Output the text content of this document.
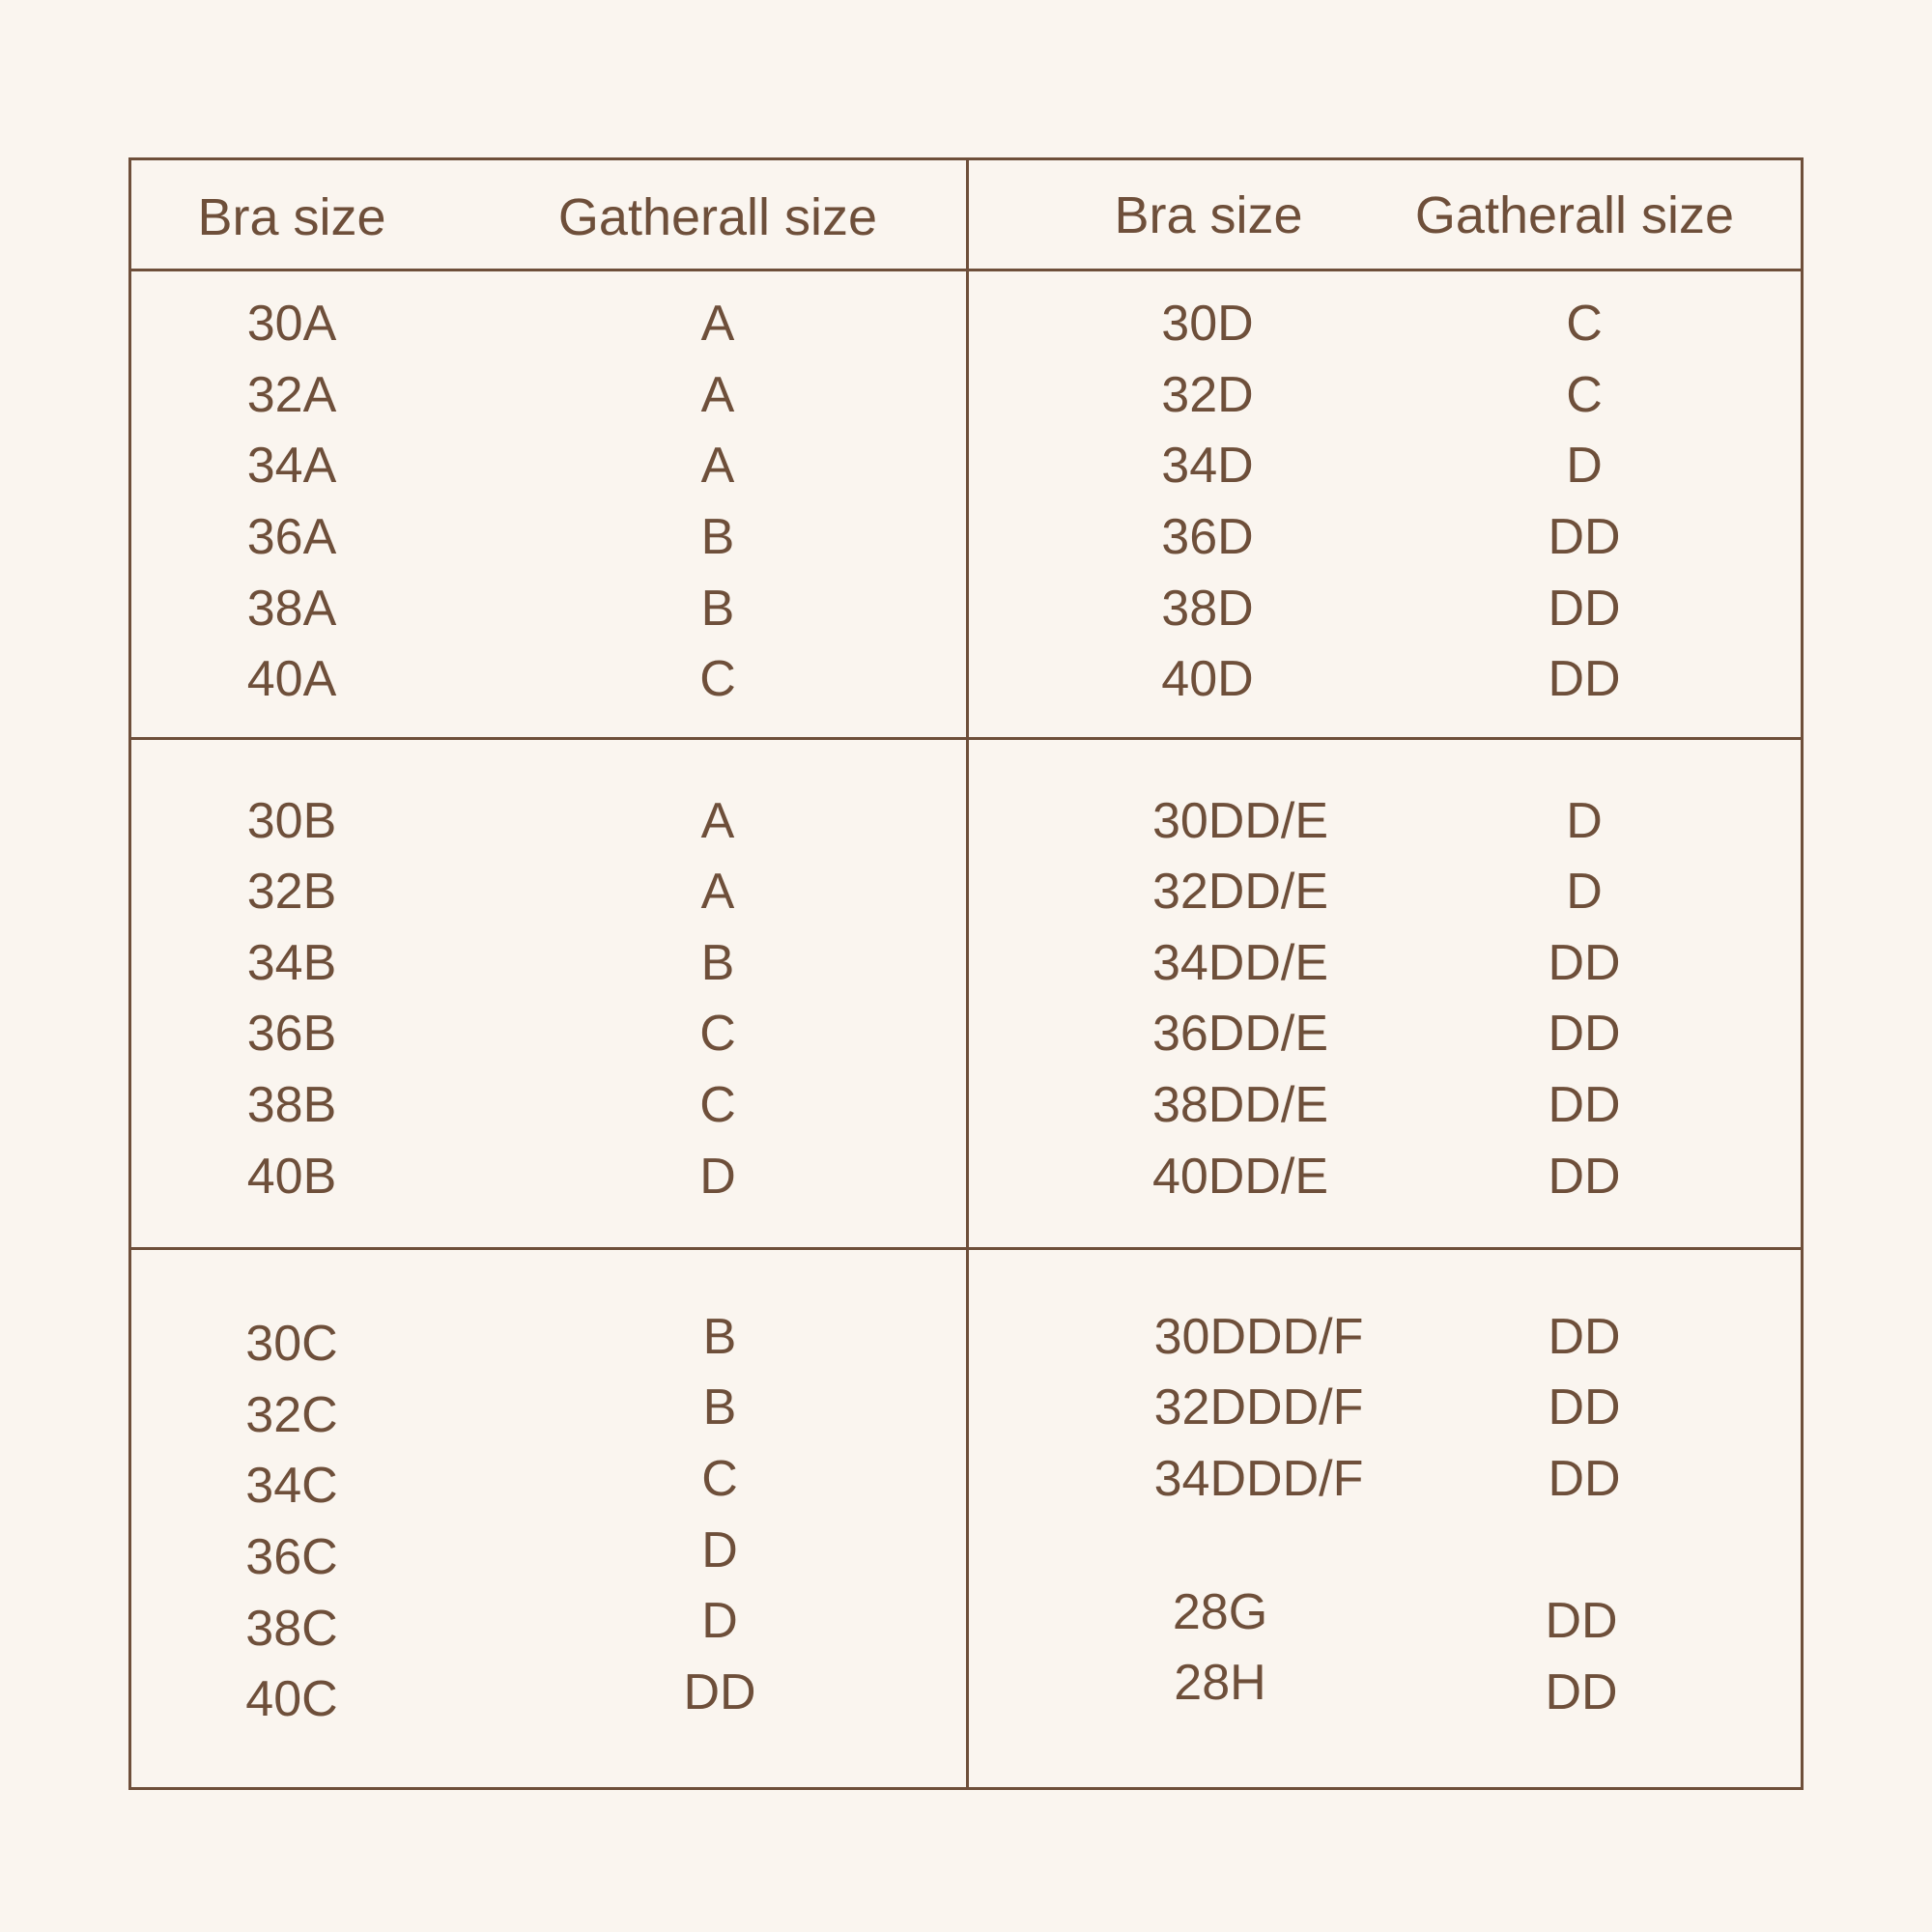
Bra size	Gatherall size	Bra size Gatherall size
30A
32A
34A
36A
38A
40A
A
A
A
B
B
C
30D
32D
34D
36D
38D
40D
C
C
D
DD
DD
DD
30B
32B
34B
36B
38B
40B
A
A
B
C
C
D
30DD/E
32DD/E
34DD/E
36DD/E
38DD/E
40DD/E
D
D
DD
DD
DD
DD
30C
32C
34C
36C
38C
40C
B
B
C
D
D
DD
30DDD/F
32DDD/F
34DDD/F
28G
28H
DD
DD
DD
DD
DD
